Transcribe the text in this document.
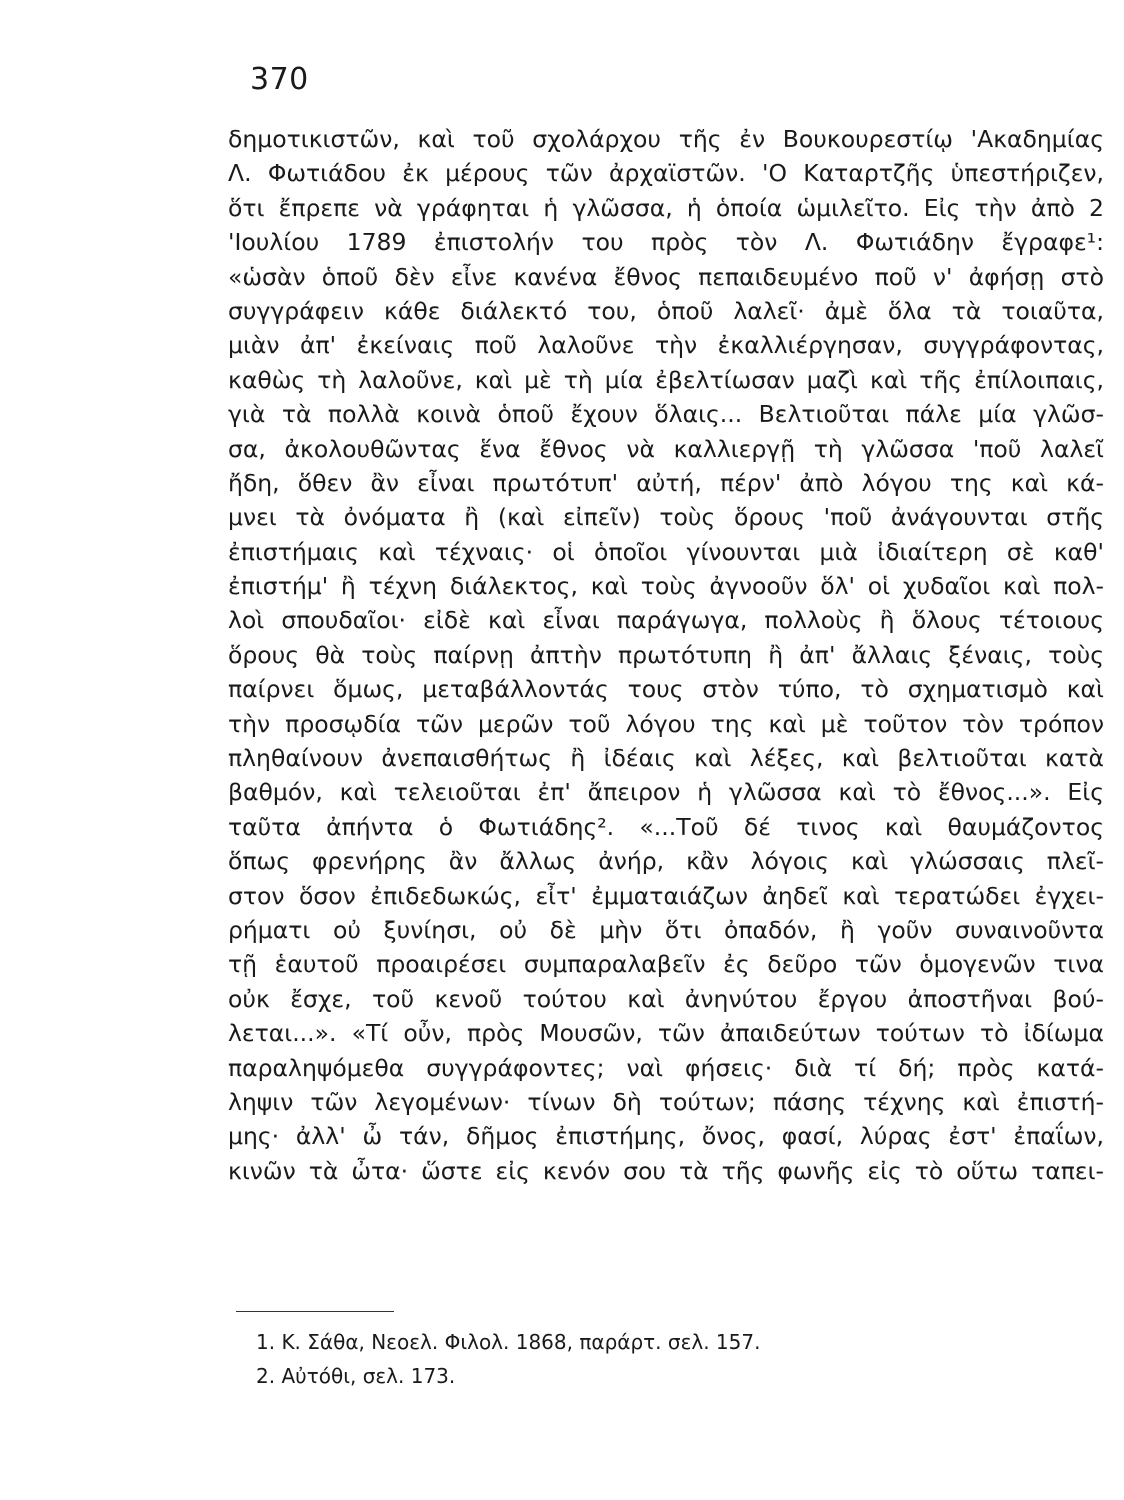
370
δημοτικιστῶν, καὶ τοῦ σχολάρχου τῆς ἐν Βουκουρεστίῳ 'Ακαδημίας
Λ. Φωτιάδου ἐκ μέρους τῶν ἀρχαϊστῶν. 'Ο Καταρτζῆς ὑπεστήριζεν,
ὅτι ἔπρεπε νὰ γράφηται ἡ γλῶσσα, ἡ ὁποία ὡμιλεῖτο. Εἰς τὴν ἀπὸ 2
'Ιουλίου 1789 ἐπιστολήν του πρὸς τὸν Λ. Φωτιάδην ἔγραφε¹:
«ὡσὰν ὁποῦ δὲν εἶνε κανένα ἔθνος πεπαιδευμένο ποῦ ν' ἀφήσῃ στὸ
συγγράφειν κάθε διάλεκτό του, ὁποῦ λαλεῖ· ἀμὲ ὅλα τὰ τοιαῦτα,
μιὰν ἀπ' ἐκείναις ποῦ λαλοῦνε τὴν ἐκαλλιέργησαν, συγγράφοντας,
καθὼς τὴ λαλοῦνε, καὶ μὲ τὴ μία ἐβελτίωσαν μαζὶ καὶ τῆς ἐπίλοιπαις,
γιὰ τὰ πολλὰ κοινὰ ὁποῦ ἔχουν ὅλαις... Βελτιοῦται πάλε μία γλῶσ-
σα, ἀκολουθῶντας ἕνα ἔθνος νὰ καλλιεργῇ τὴ γλῶσσα 'ποῦ λαλεῖ
ἤδη, ὅθεν ἂν εἶναι πρωτότυπ' αὐτή, πέρν' ἀπὸ λόγου της καὶ κά-
μνει τὰ ὀνόματα ἢ (καὶ εἰπεῖν) τοὺς ὅρους 'ποῦ ἀνάγουνται στῆς
ἐπιστήμαις καὶ τέχναις· οἱ ὁποῖοι γίνουνται μιὰ ἰδιαίτερη σὲ καθ'
ἐπιστήμ' ἢ τέχνη διάλεκτος, καὶ τοὺς ἀγνοοῦν ὅλ' οἱ χυδαῖοι καὶ πολ-
λοὶ σπουδαῖοι· εἰδὲ καὶ εἶναι παράγωγα, πολλοὺς ἢ ὅλους τέτοιους
ὅρους θὰ τοὺς παίρνῃ ἀπτὴν πρωτότυπη ἢ ἀπ' ἄλλαις ξέναις, τοὺς
παίρνει ὅμως, μεταβάλλοντάς τους στὸν τύπο, τὸ σχηματισμὸ καὶ
τὴν προσῳδία τῶν μερῶν τοῦ λόγου της καὶ μὲ τοῦτον τὸν τρόπον
πληθαίνουν ἀνεπαισθήτως ἢ ἰδέαις καὶ λέξες, καὶ βελτιοῦται κατὰ
βαθμόν, καὶ τελειοῦται ἐπ' ἄπειρον ἡ γλῶσσα καὶ τὸ ἔθνος...». Εἰς
ταῦτα ἀπήντα ὁ Φωτιάδης². «...Τοῦ δέ τινος καὶ θαυμάζοντος
ὅπως φρενήρης ἂν ἄλλως ἀνήρ, κἂν λόγοις καὶ γλώσσαις πλεῖ-
στον ὅσον ἐπιδεδωκώς, εἶτ' ἐμματαιάζων ἀηδεῖ καὶ τερατώδει ἐγχει-
ρήματι οὐ ξυνίησι, οὐ δὲ μὴν ὅτι ὀπαδόν, ἢ γοῦν συναινοῦντα
τῇ ἑαυτοῦ προαιρέσει συμπαραλαβεῖν ἐς δεῦρο τῶν ὁμογενῶν τινα
οὐκ ἔσχε, τοῦ κενοῦ τούτου καὶ ἀνηνύτου ἔργου ἀποστῆναι βού-
λεται...». «Τί οὖν, πρὸς Μουσῶν, τῶν ἀπαιδεύτων τούτων τὸ ἰδίωμα
παραληψόμεθα συγγράφοντες; ναὶ φήσεις· διὰ τί δή; πρὸς κατά-
ληψιν τῶν λεγομένων· τίνων δὴ τούτων; πάσης τέχνης καὶ ἐπιστή-
μης· ἀλλ' ὦ τάν, δῆμος ἐπιστήμης, ὄνος, φασί, λύρας ἐστ' ἐπαΐων,
κινῶν τὰ ὦτα· ὥστε εἰς κενόν σου τὰ τῆς φωνῆς εἰς τὸ οὕτω ταπει-
1. Κ. Σάθα, Νεοελ. Φιλολ. 1868, παράρτ. σελ. 157.
2. Αὐτόθι, σελ. 173.
